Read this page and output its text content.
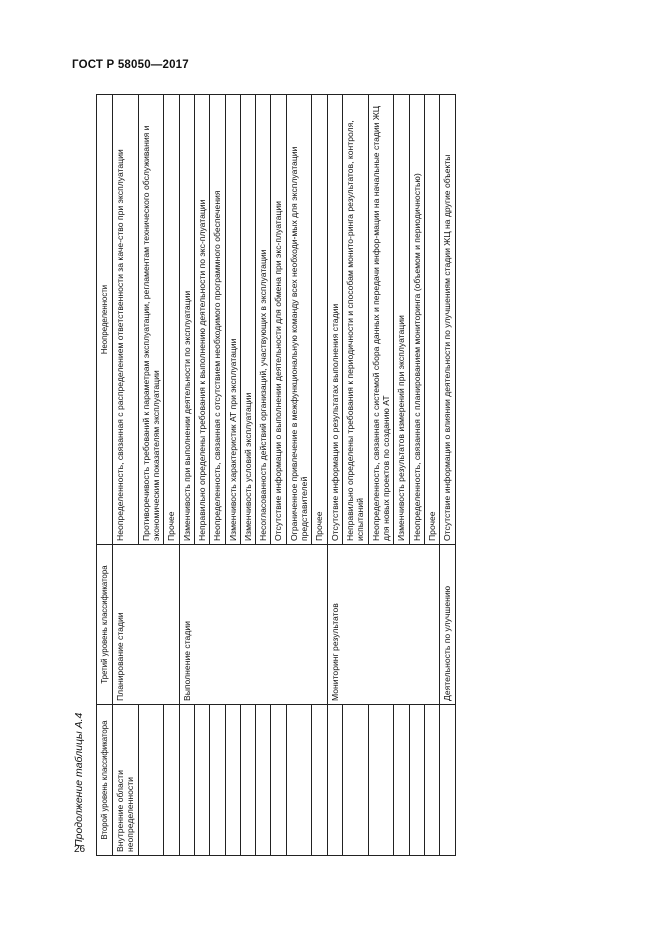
ГОСТ Р 58050—2017
26
Продолжение таблицы А.4 Второй уровень классификатора	Третий уровень классификатора	Неопределенности
Внутренние области неопределенности	Планирование стадии	Неопределенность, связанная с распределением ответственности за каче-ство при эксплуатации
		Противоречивость требований к параметрам эксплуатации, регламентам технического обслуживания и экономическим показателям эксплуатации
		Прочее
	Выполнение стадии	Изменчивость при выполнении деятельности по эксплуатации
		Неправильно определены требования к выполнению деятельности по экс-плуатации
		Неопределенность, связанная с отсутствием необходимого программного обеспечения
		Изменчивость характеристик АТ при эксплуатации
		Изменчивость условий эксплуатации
		Несогласованность действий организаций, участвующих в эксплуатации
		Отсутствие информации о выполнении деятельности для обмена при экс-плуатации
		Ограниченное привлечение в межфункциональную команду всех необходи-мых для эксплуатации представителей
		Прочее
	Мониторинг результатов	Отсутствие информации о результатах выполнения стадии
		Неправильно определены требования к периодичности и способам монито-ринга результатов, контроля, испытаний
		Неопределенность, связанная с системой сбора данных и передачи инфор-мации на начальные стадии ЖЦ для новых проектов по созданию АТ
		Изменчивость результатов измерений при эксплуатации
		Неопределенность, связанная с планированием мониторинга (объемом и периодичностью)
		Прочее
	Деятельность по улучшению	Отсутствие информации о влиянии деятельности по улучшениям стадии ЖЦ на другие объекты
